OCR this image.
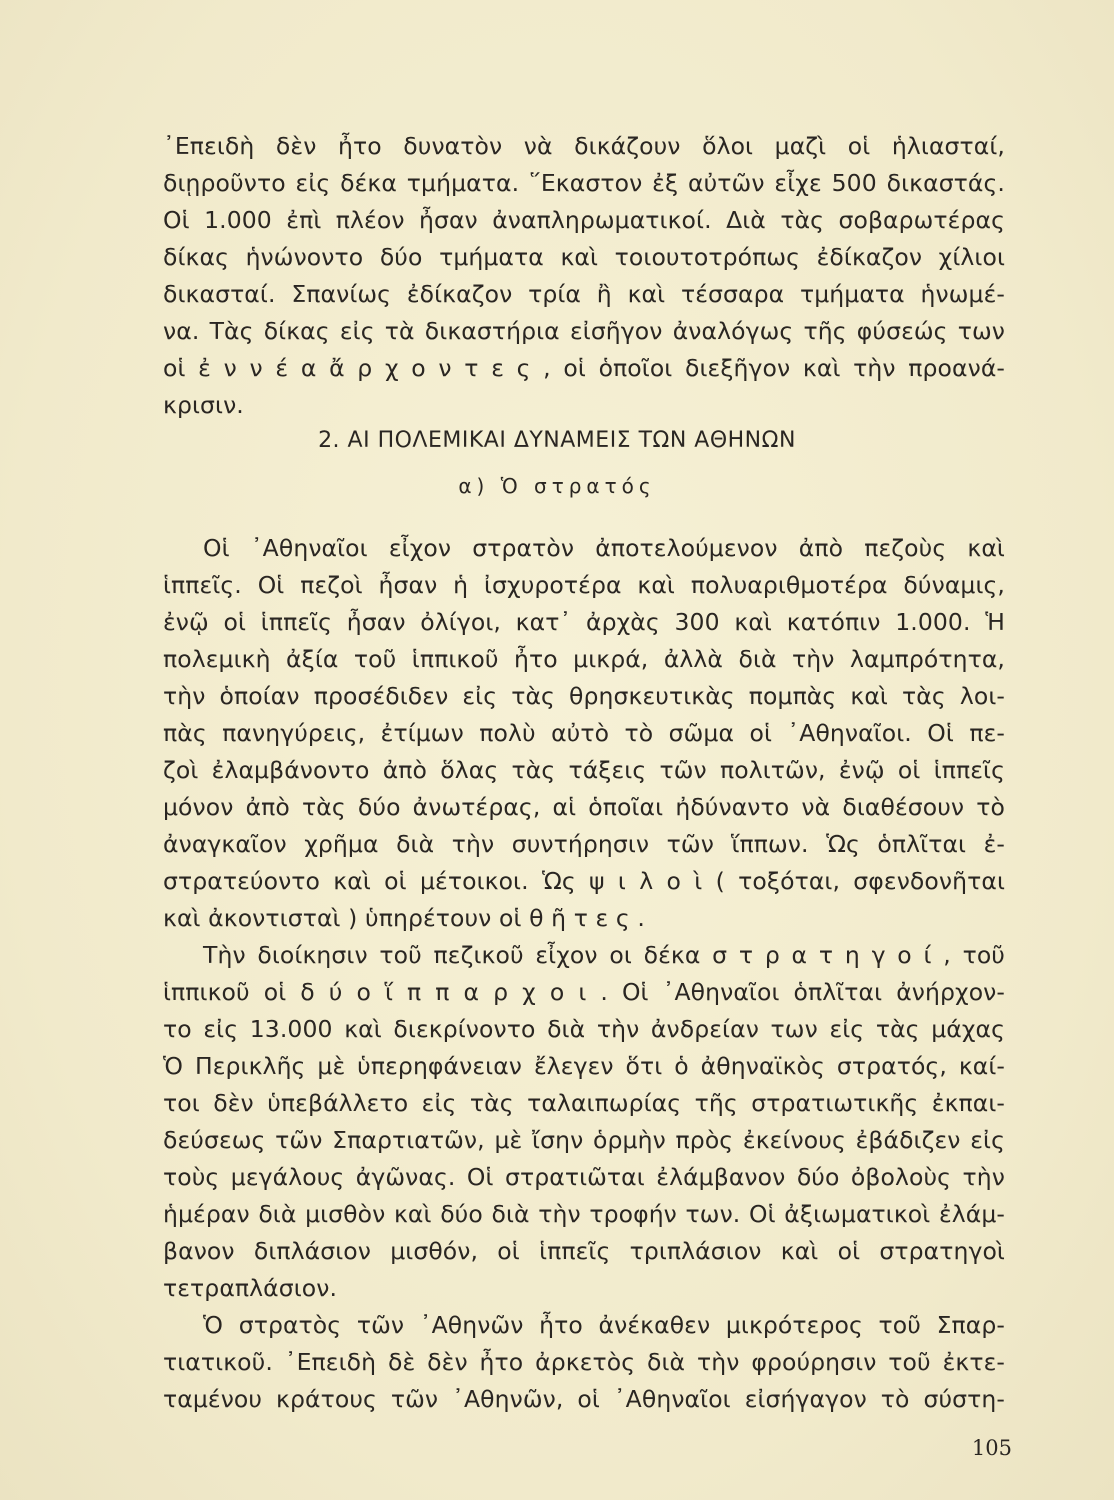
᾿Επειδὴ δὲν ἦτο δυνατὸν νὰ δικάζουν ὅλοι μαζὶ οἱ ἡλιασταί,
διῃροῦντο εἰς δέκα τμήματα. ῞Εκαστον ἐξ αὐτῶν εἶχε 500 δικαστάς.
Οἱ 1.000 ἐπὶ πλέον ἦσαν ἀναπληρωματικοί. Διὰ τὰς σοβαρωτέρας
δίκας ἡνώνοντο δύο τμήματα καὶ τοιουτοτρόπως ἐδίκαζον χίλιοι
δικασταί. Σπανίως ἐδίκαζον τρία ἢ καὶ τέσσαρα τμήματα ἡνωμέ-
να. Τὰς δίκας εἰς τὰ δικαστήρια εἰσῆγον ἀναλόγως τῆς φύσεώς των
οἱ ἐ ν ν έ α ἄ ρ χ ο ν τ ε ς , οἱ ὁποῖοι διεξῆγον καὶ τὴν προανά-
κρισιν.
2. ΑΙ ΠΟΛΕΜΙΚΑΙ ΔΥΝΑΜΕΙΣ ΤΩΝ ΑΘΗΝΩΝ
α) Ὁ στρατός
Οἱ ᾿Αθηναῖοι εἶχον στρατὸν ἀποτελούμενον ἀπὸ πεζοὺς καὶ
ἱππεῖς. Οἱ πεζοὶ ἦσαν ἡ ἰσχυροτέρα καὶ πολυαριθμοτέρα δύναμις,
ἐνῷ οἱ ἱππεῖς ἦσαν ὀλίγοι, κατ᾿ ἀρχὰς 300 καὶ κατόπιν 1.000. Ἡ
πολεμικὴ ἀξία τοῦ ἱππικοῦ ἦτο μικρά, ἀλλὰ διὰ τὴν λαμπρότητα,
τὴν ὁποίαν προσέδιδεν εἰς τὰς θρησκευτικὰς πομπὰς καὶ τὰς λοι-
πὰς πανηγύρεις, ἐτίμων πολὺ αὐτὸ τὸ σῶμα οἱ ᾿Αθηναῖοι. Οἱ πε-
ζοὶ ἐλαμβάνοντο ἀπὸ ὅλας τὰς τάξεις τῶν πολιτῶν, ἐνῷ οἱ ἱππεῖς
μόνον ἀπὸ τὰς δύο ἀνωτέρας, αἱ ὁποῖαι ἠδύναντο νὰ διαθέσουν τὸ
ἀναγκαῖον χρῆμα διὰ τὴν συντήρησιν τῶν ἵππων. Ὡς ὁπλῖται ἐ-
στρατεύοντο καὶ οἱ μέτοικοι. Ὡς ψ ι λ ο ὶ ( τοξόται, σφενδονῆται
καὶ ἀκοντισταὶ ) ὑπηρέτουν οἱ θ ῆ τ ε ς .
Τὴν διοίκησιν τοῦ πεζικοῦ εἶχον οι δέκα σ τ ρ α τ η γ ο ί , τοῦ
ἱππικοῦ οἱ δ ύ ο ἵ π π α ρ χ ο ι . Οἱ ᾿Αθηναῖοι ὁπλῖται ἀνήρχον-
το εἰς 13.000 καὶ διεκρίνοντο διὰ τὴν ἀνδρείαν των εἰς τὰς μάχας
Ὁ Περικλῆς μὲ ὑπερηφάνειαν ἔλεγεν ὅτι ὁ ἀθηναϊκὸς στρατός, καί-
τοι δὲν ὑπεβάλλετο εἰς τὰς ταλαιπωρίας τῆς στρατιωτικῆς ἐκπαι-
δεύσεως τῶν Σπαρτιατῶν, μὲ ἴσην ὁρμὴν πρὸς ἐκείνους ἐβάδιζεν εἰς
τοὺς μεγάλους ἀγῶνας. Οἱ στρατιῶται ἐλάμβανον δύο ὀβολοὺς τὴν
ἡμέραν διὰ μισθὸν καὶ δύο διὰ τὴν τροφήν των. Οἱ ἀξιωματικοὶ ἐλάμ-
βανον διπλάσιον μισθόν, οἱ ἱππεῖς τριπλάσιον καὶ οἱ στρατηγοὶ
τετραπλάσιον.
Ὁ στρατὸς τῶν ᾿Αθηνῶν ἦτο ἀνέκαθεν μικρότερος τοῦ Σπαρ-
τιατικοῦ. ᾿Επειδὴ δὲ δὲν ἦτο ἀρκετὸς διὰ τὴν φρούρησιν τοῦ ἐκτε-
ταμένου κράτους τῶν ᾿Αθηνῶν, οἱ ᾿Αθηναῖοι εἰσήγαγον τὸ σύστη-
105
